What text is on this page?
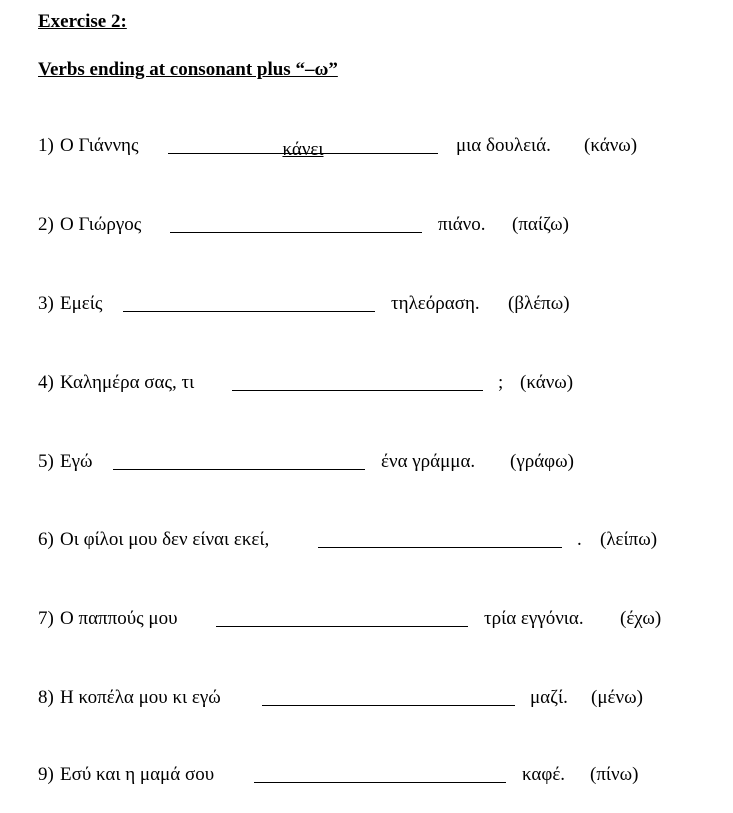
Exercise 2:
Verbs ending at consonant plus “–ω”
1) Ο Γιάννης	κάνει	μια δουλειά. (κάνω)
2) Ο Γιώργος	πιάνο. (παίζω)
3) Εμείς	τηλεόραση. (βλέπω)
4) Καλημέρα σας, τι	; (κάνω)
5) Εγώ	ένα γράμμα. (γράφω)
6) Οι φίλοι μου δεν είναι εκεί,	. (λείπω)
7) Ο παππούς μου	τρία εγγόνια. (έχω)
8) Η κοπέλα μου κι εγώ	μαζί. (μένω)
9) Εσύ και η μαμά σου	καφέ. (πίνω)
